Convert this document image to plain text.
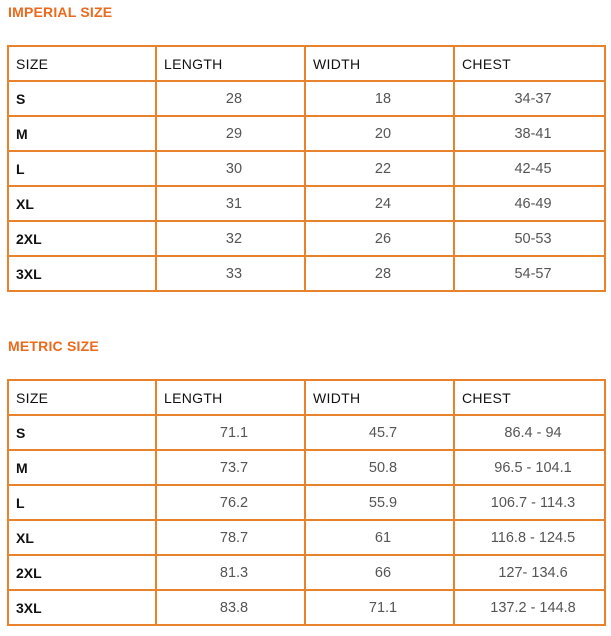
IMPERIAL SIZE
SIZE	LENGTH	WIDTH	CHEST
S	28	18	34-37
M	29	20	38-41
L	30	22	42-45
XL	31	24	46-49
2XL	32	26	50-53
3XL	33	28	54-57
METRIC SIZE
SIZE	LENGTH	WIDTH	CHEST
S	71.1	45.7	86.4 - 94
M	73.7	50.8	96.5 - 104.1
L	76.2	55.9	106.7 - 114.3
XL	78.7	61	116.8 - 124.5
2XL	81.3	66	127- 134.6
3XL	83.8	71.1	137.2 - 144.8
